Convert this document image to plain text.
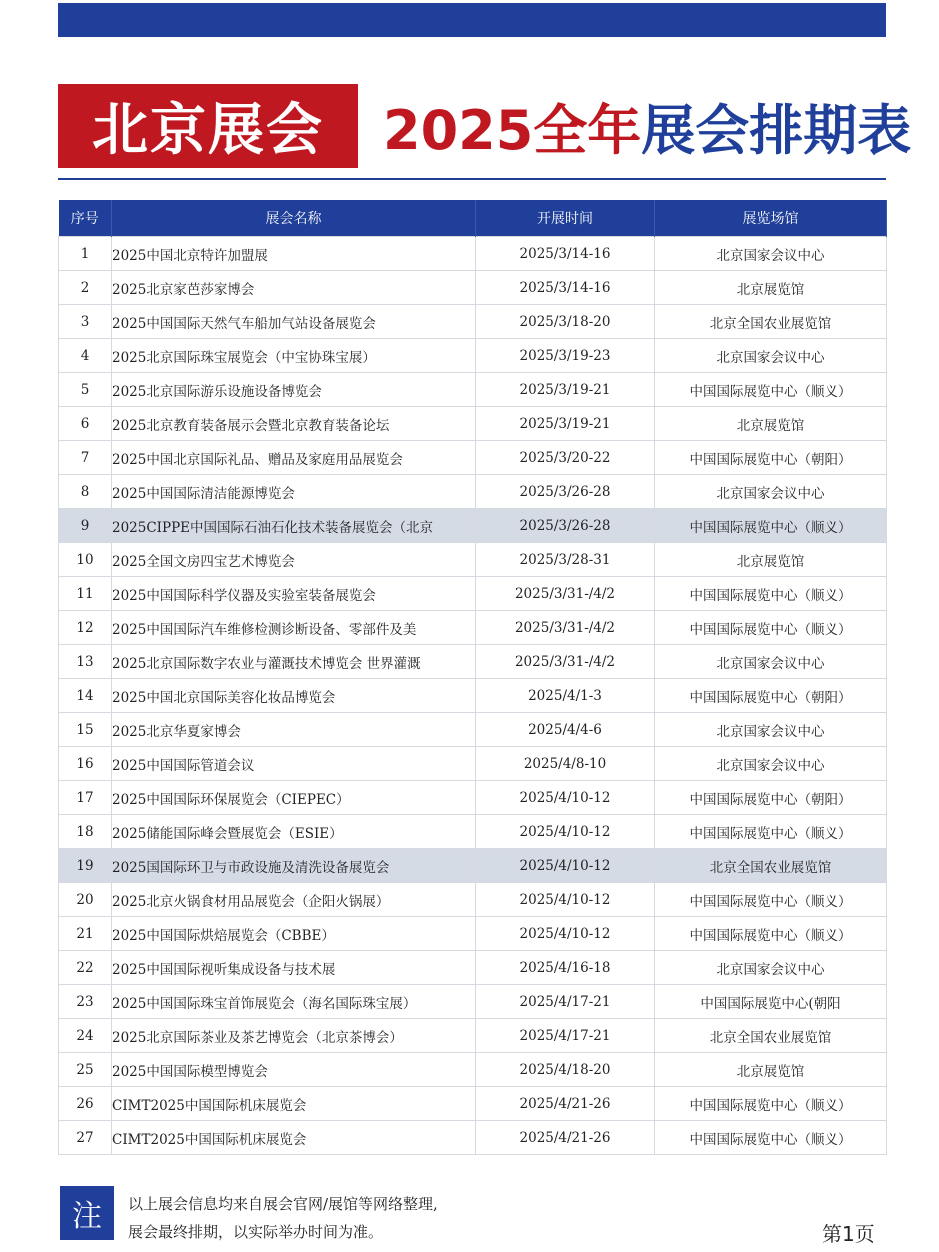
北京展会 2025全年 展会排期表
序号	展会名称	开展时间	展览场馆
1	2025中国北京特许加盟展	2025/3/14-16	北京国家会议中心
2	2025北京家芭莎家博会	2025/3/14-16	北京展览馆
3	2025中国国际天然气车船加气站设备展览会	2025/3/18-20	北京全国农业展览馆
4	2025北京国际珠宝展览会（中宝协珠宝展）	2025/3/19-23	北京国家会议中心
5	2025北京国际游乐设施设备博览会	2025/3/19-21	中国国际展览中心（顺义）
6	2025北京教育装备展示会暨北京教育装备论坛	2025/3/19-21	北京展览馆
7	2025中国北京国际礼品、赠品及家庭用品展览会	2025/3/20-22	中国国际展览中心（朝阳）
8	2025中国国际清洁能源博览会	2025/3/26-28	北京国家会议中心
9	2025CIPPE中国国际石油石化技术装备展览会（北京	2025/3/26-28	中国国际展览中心（顺义）
10	2025全国文房四宝艺术博览会	2025/3/28-31	北京展览馆
11	2025中国国际科学仪器及实验室装备展览会	2025/3/31-/4/2	中国国际展览中心（顺义）
12	2025中国国际汽车维修检测诊断设备、零部件及美	2025/3/31-/4/2	中国国际展览中心（顺义）
13	2025北京国际数字农业与灌溉技术博览会 世界灌溉	2025/3/31-/4/2	北京国家会议中心
14	2025中国北京国际美容化妆品博览会	2025/4/1-3	中国国际展览中心（朝阳）
15	2025北京华夏家博会	2025/4/4-6	北京国家会议中心
16	2025中国国际管道会议	2025/4/8-10	北京国家会议中心
17	2025中国国际环保展览会（CIEPEC）	2025/4/10-12	中国国际展览中心（朝阳）
18	2025储能国际峰会暨展览会（ESIE）	2025/4/10-12	中国国际展览中心（顺义）
19	2025国国际环卫与市政设施及清洗设备展览会	2025/4/10-12	北京全国农业展览馆
20	2025北京火锅食材用品展览会（企阳火锅展）	2025/4/10-12	中国国际展览中心（顺义）
21	2025中国国际烘焙展览会（CBBE）	2025/4/10-12	中国国际展览中心（顺义）
22	2025中国国际视听集成设备与技术展	2025/4/16-18	北京国家会议中心
23	2025中国国际珠宝首饰展览会（海名国际珠宝展）	2025/4/17-21	中国国际展览中心(朝阳
24	2025北京国际茶业及茶艺博览会（北京茶博会）	2025/4/17-21	北京全国农业展览馆
25	2025中国国际模型博览会	2025/4/18-20	北京展览馆
26	CIMT2025中国国际机床展览会	2025/4/21-26	中国国际展览中心（顺义）
27	CIMT2025中国国际机床展览会	2025/4/21-26	中国国际展览中心（顺义）
注 以上展会信息均来自展会官网/展馆等网络整理,
展会最终排期，以实际举办时间为准。	第1页
